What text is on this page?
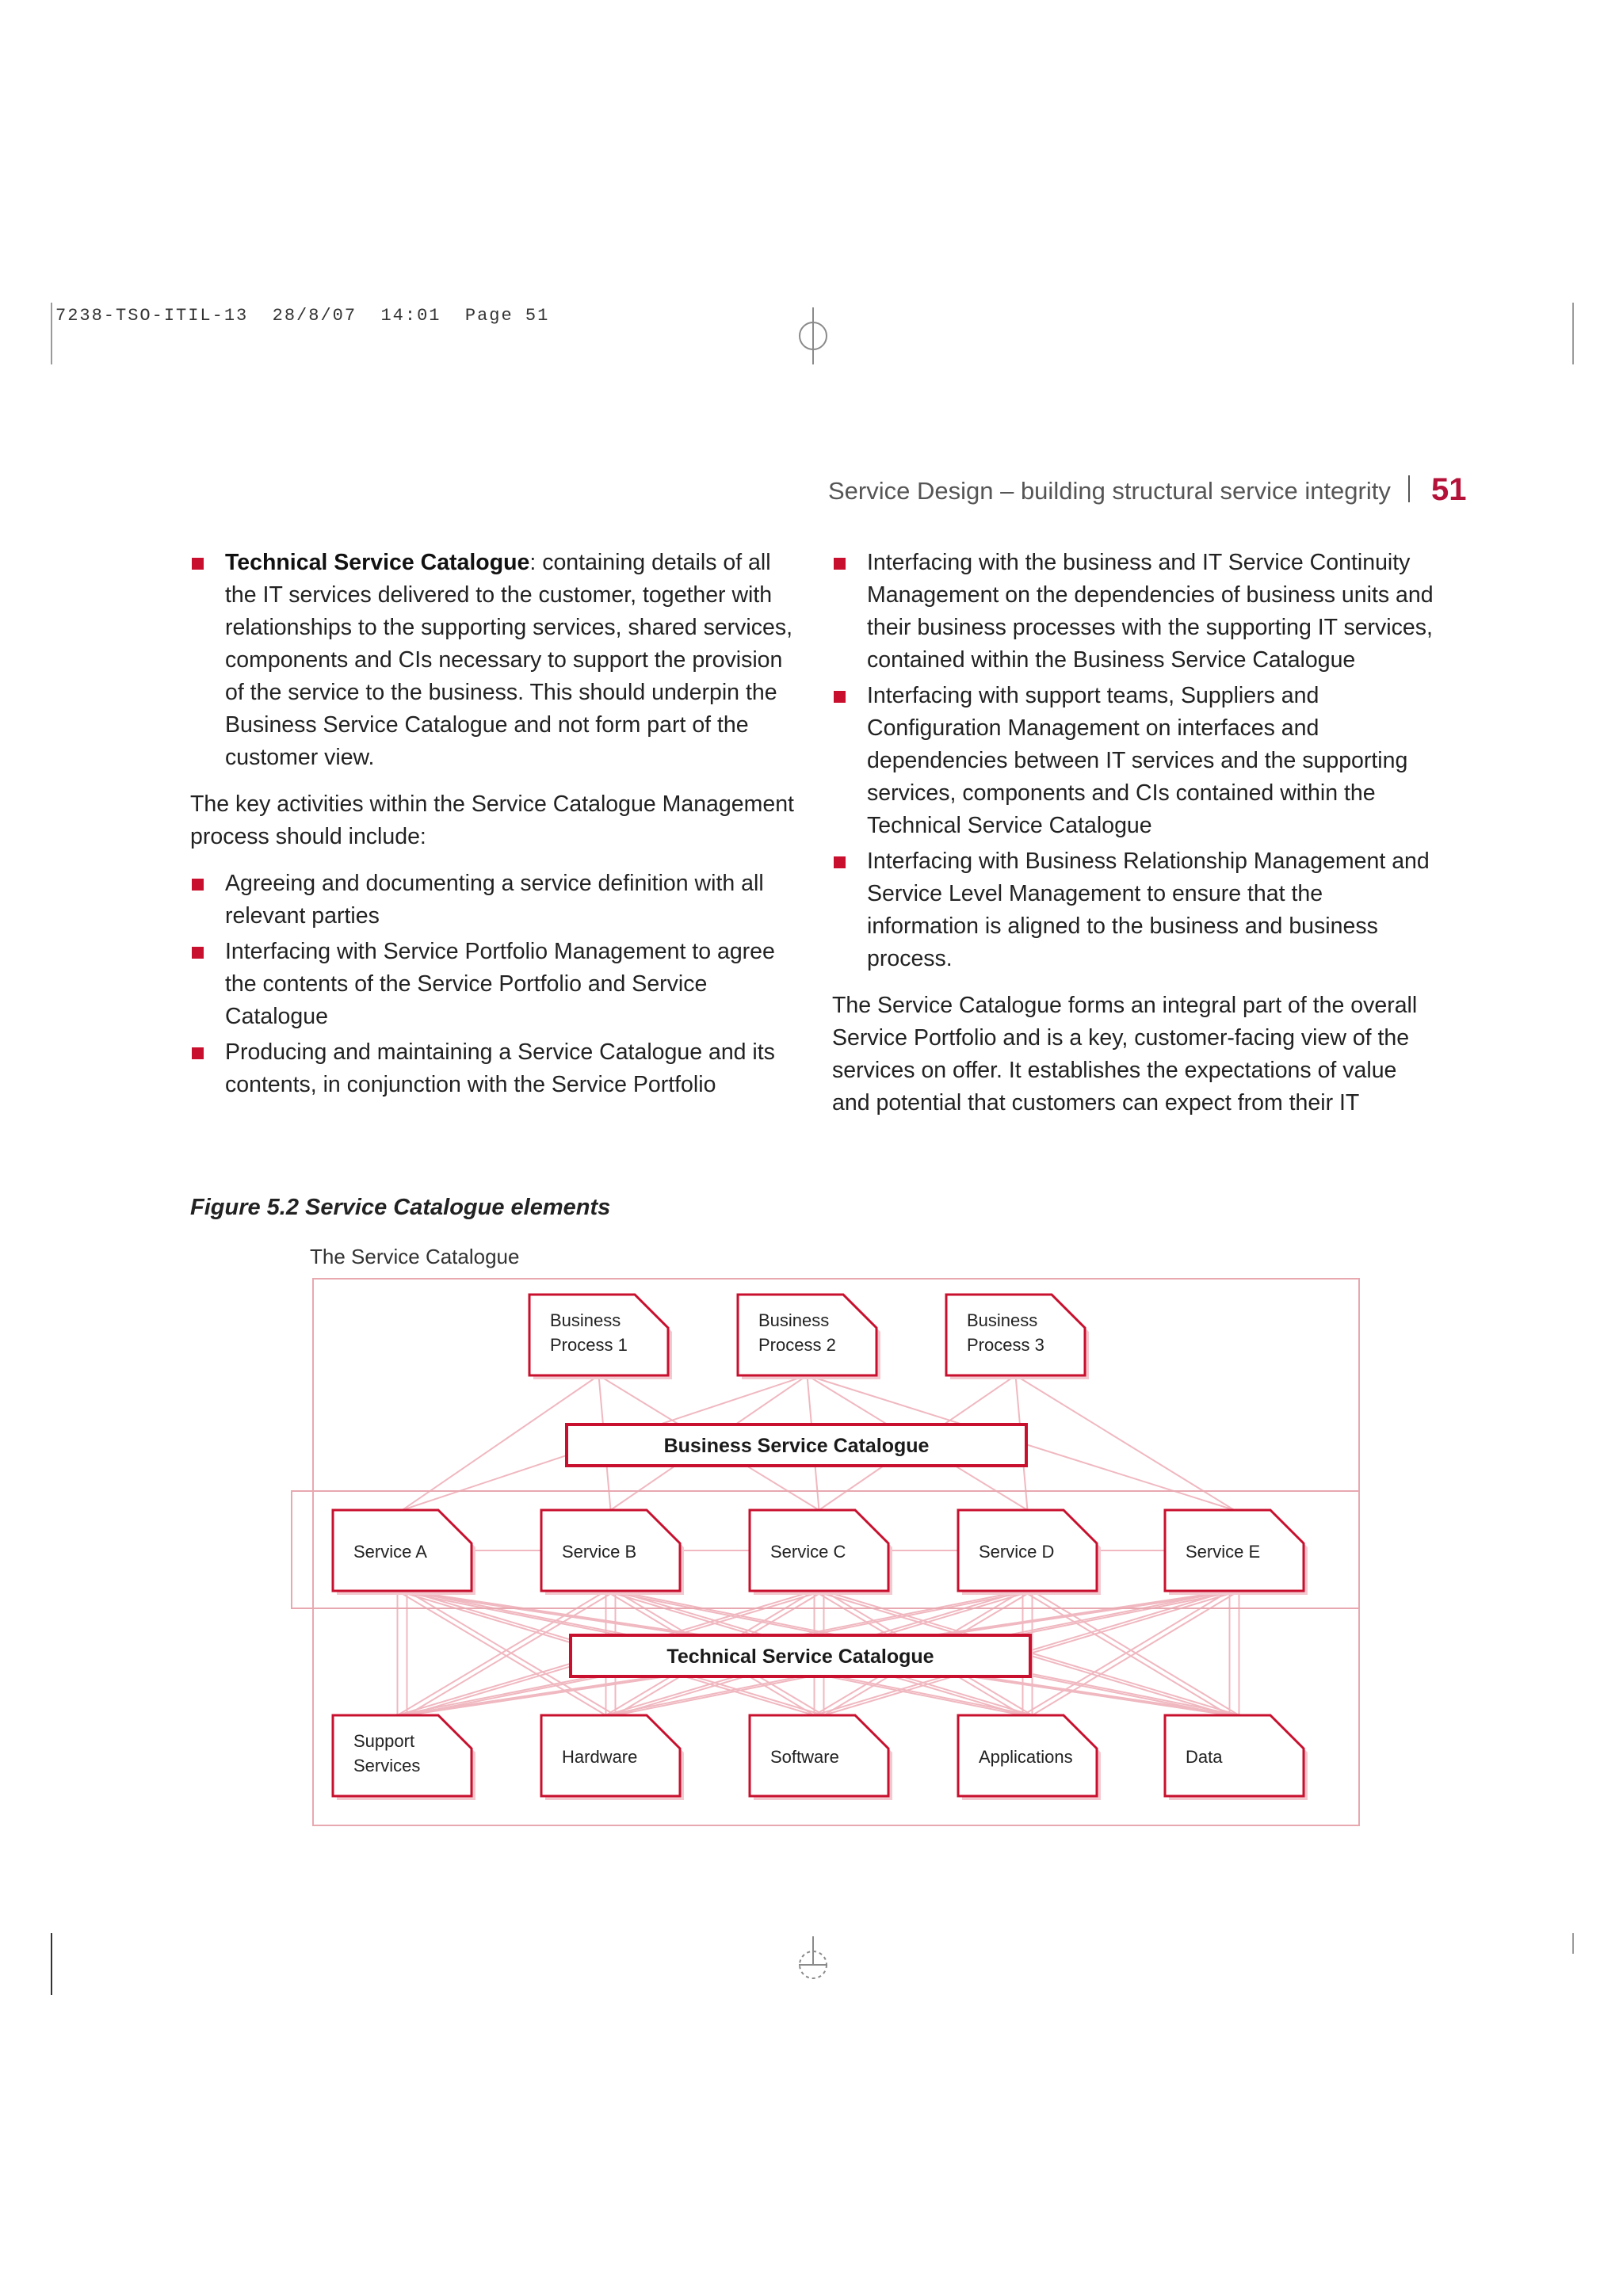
7238-TSO-ITIL-13  28/8/07  14:01  Page 51
Service Design – building structural service integrity	51
Technical Service Catalogue: containing details of all the IT services delivered to the customer, together with relationships to the supporting services, shared services, components and CIs necessary to support the provision of the service to the business. This should underpin the Business Service Catalogue and not form part of the customer view.

The key activities within the Service Catalogue Management process should include:

Agreeing and documenting a service definition with all relevant parties
Interfacing with Service Portfolio Management to agree the contents of the Service Portfolio and Service Catalogue
Producing and maintaining a Service Catalogue and its contents, in conjunction with the Service Portfolio
Interfacing with the business and IT Service Continuity Management on the dependencies of business units and their business processes with the supporting IT services, contained within the Business Service Catalogue
Interfacing with support teams, Suppliers and Configuration Management on interfaces and dependencies between IT services and the supporting services, components and CIs contained within the Technical Service Catalogue
Interfacing with Business Relationship Management and Service Level Management to ensure that the information is aligned to the business and business process.

The Service Catalogue forms an integral part of the overall Service Portfolio and is a key, customer-facing view of the services on offer. It establishes the expectations of value and potential that customers can expect from their IT

Figure 5.2 Service Catalogue elements
The Service Catalogue
Business
Process 1
Business
Process 2
Business
Process 3
Service A	Service B	Service C	Service D	Service E
Support
Services	Hardware	Software	Applications	Data
Business Service Catalogue
Technical Service Catalogue
